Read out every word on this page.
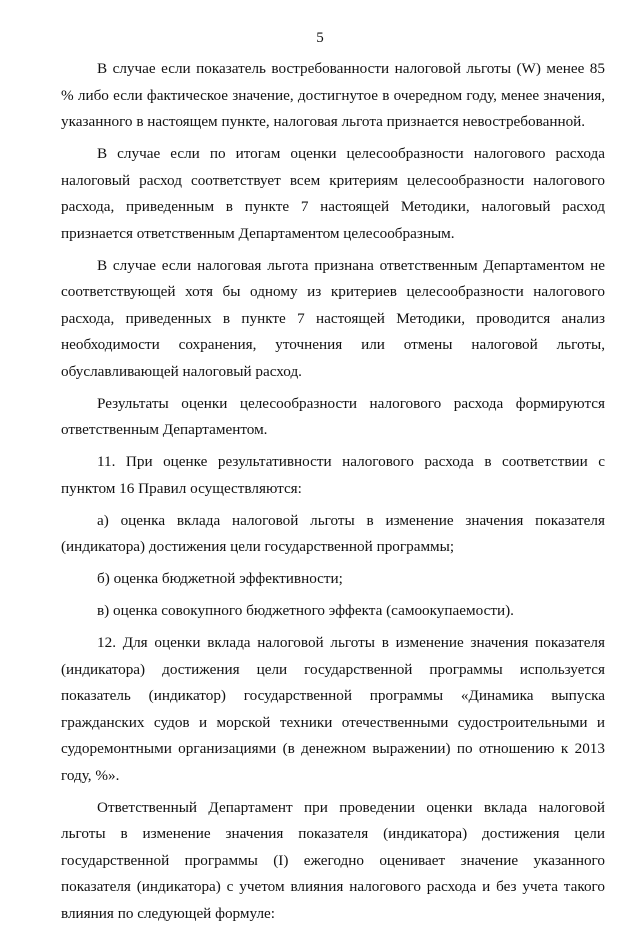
5

В случае если показатель востребованности налоговой льготы (W) менее 85 % либо если фактическое значение, достигнутое в очередном году, менее значения, указанного в настоящем пункте, налоговая льгота признается невостребованной.

В случае если по итогам оценки целесообразности налогового расхода налоговый расход соответствует всем критериям целесообразности налогового расхода, приведенным в пункте 7 настоящей Методики, налоговый расход признается ответственным Департаментом целесообразным.

В случае если налоговая льгота признана ответственным Департаментом не соответствующей хотя бы одному из критериев целесообразности налогового расхода, приведенных в пункте 7 настоящей Методики, проводится анализ необходимости сохранения, уточнения или отмены налоговой льготы, обуславливающей налоговый расход.

Результаты оценки целесообразности налогового расхода формируются ответственным Департаментом.

11. При оценке результативности налогового расхода в соответствии с пунктом 16 Правил осуществляются:

а) оценка вклада налоговой льготы в изменение значения показателя (индикатора) достижения цели государственной программы;

б) оценка бюджетной эффективности;

в) оценка совокупного бюджетного эффекта (самоокупаемости).

12. Для оценки вклада налоговой льготы в изменение значения показателя (индикатора) достижения цели государственной программы используется показатель (индикатор) государственной программы «Динамика выпуска гражданских судов и морской техники отечественными судостроительными и судоремонтными организациями (в денежном выражении) по отношению к 2013 году, %».

Ответственный Департамент при проведении оценки вклада налоговой льготы в изменение значения показателя (индикатора) достижения цели государственной программы (I) ежегодно оценивает значение указанного показателя (индикатора) с учетом влияния налогового расхода и без учета такого влияния по следующей формуле:
